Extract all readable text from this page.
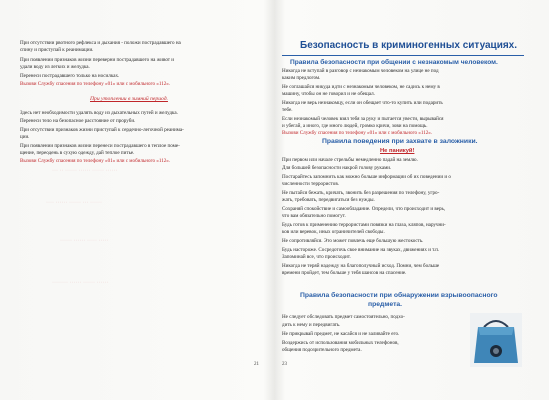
··· ·· ······ ······ ······ ······
···· ······ ······ ··· ······
······ ······ ····· ·····
········ ······ ······ ······
При отсутствии рвотного рефлекса и дыхания - положи пострадавшего на
спину и приступай к реанимации.
При появлении признаков жизни переверни пострадавшего на живот и
удали воду из легких и желудка.
Перенеси пострадавшего только на носилках.
Вызови Службу спасения по телефону «01» или с мобильного «112».
При утоплении в зимний период.
Здесь нет необходимости удалять воду из дыхательных путей и желудка.
Перенеси тело на безопасное расстояние от проруби.
При отсутствии признаков жизни приступай к сердечно-легочной реанима-
ции.
При появлении признаков жизни перенеси пострадавшего в теплое поме-
щение, переодень в сухую одежду, дай теплое питье.
Вызови Службу спасения по телефону «01» или с мобильного «112».
21
Безопасность в криминогенных ситуациях.
Правила безопасности при общении с незнакомым человеком.
Никогда не вступай в разговор с незнакомым человеком на улице не под
каким предлогом.
Не соглашайся никуда идти с незнакомым человеком, не садись к нему в
машину, чтобы он не говорил и не обещал.
Никогда не верь незнакомцу, если он обещает что-то купить или подарить
тебе.
Если незнакомый человек взял тебя за руку и пытается увести, вырывайся
и убегай, а иного, где много людей, громко кричи, зови на помощь.
Вызови Службу спасения по телефону «01» или с мобильного «112».
Правила поведения при захвате в заложники.
Не паникуй!
При первом или начале стрельбы немедленно падай на землю.
Для большей безопасности накрой голову руками.
Постарайтесь запомнить как можно больше информации об их поведении и о
численности террористов.
Не пытайся бежать, кричать, звонить без разрешения по телефону, угро-
жать, требовать, передвигаться без нужды.
Сохраняй спокойствие и самообладание. Определи, что происходит и верь,
что вам обязательно помогут.
Будь готов к применению террористами повязки на глаза, кляпов, наручни-
ков или веревок, иных ограничителей свободы.
Не сопротивляйся. Это может повлечь еще большую жестокость.
Будь настороже. Сосредоточь свое внимание на звуках, движениях и т.п.
Запоминай все, что происходит.
Никогда не теряй надежду на благополучный исход. Помни, чем больше
времени пройдет, тем больше у тебя шансов на спасение.
Правила безопасности при обнаружении взрывоопасного
предмета.
Не следует обследовать предмет самостоятельно, подхо-
дить к нему и передвигать.
Не прикрывай предмет, не касайся и не заливайте его.
Воздержись от использования мобильных телефонов,
общения подозрительного предмета.
23
